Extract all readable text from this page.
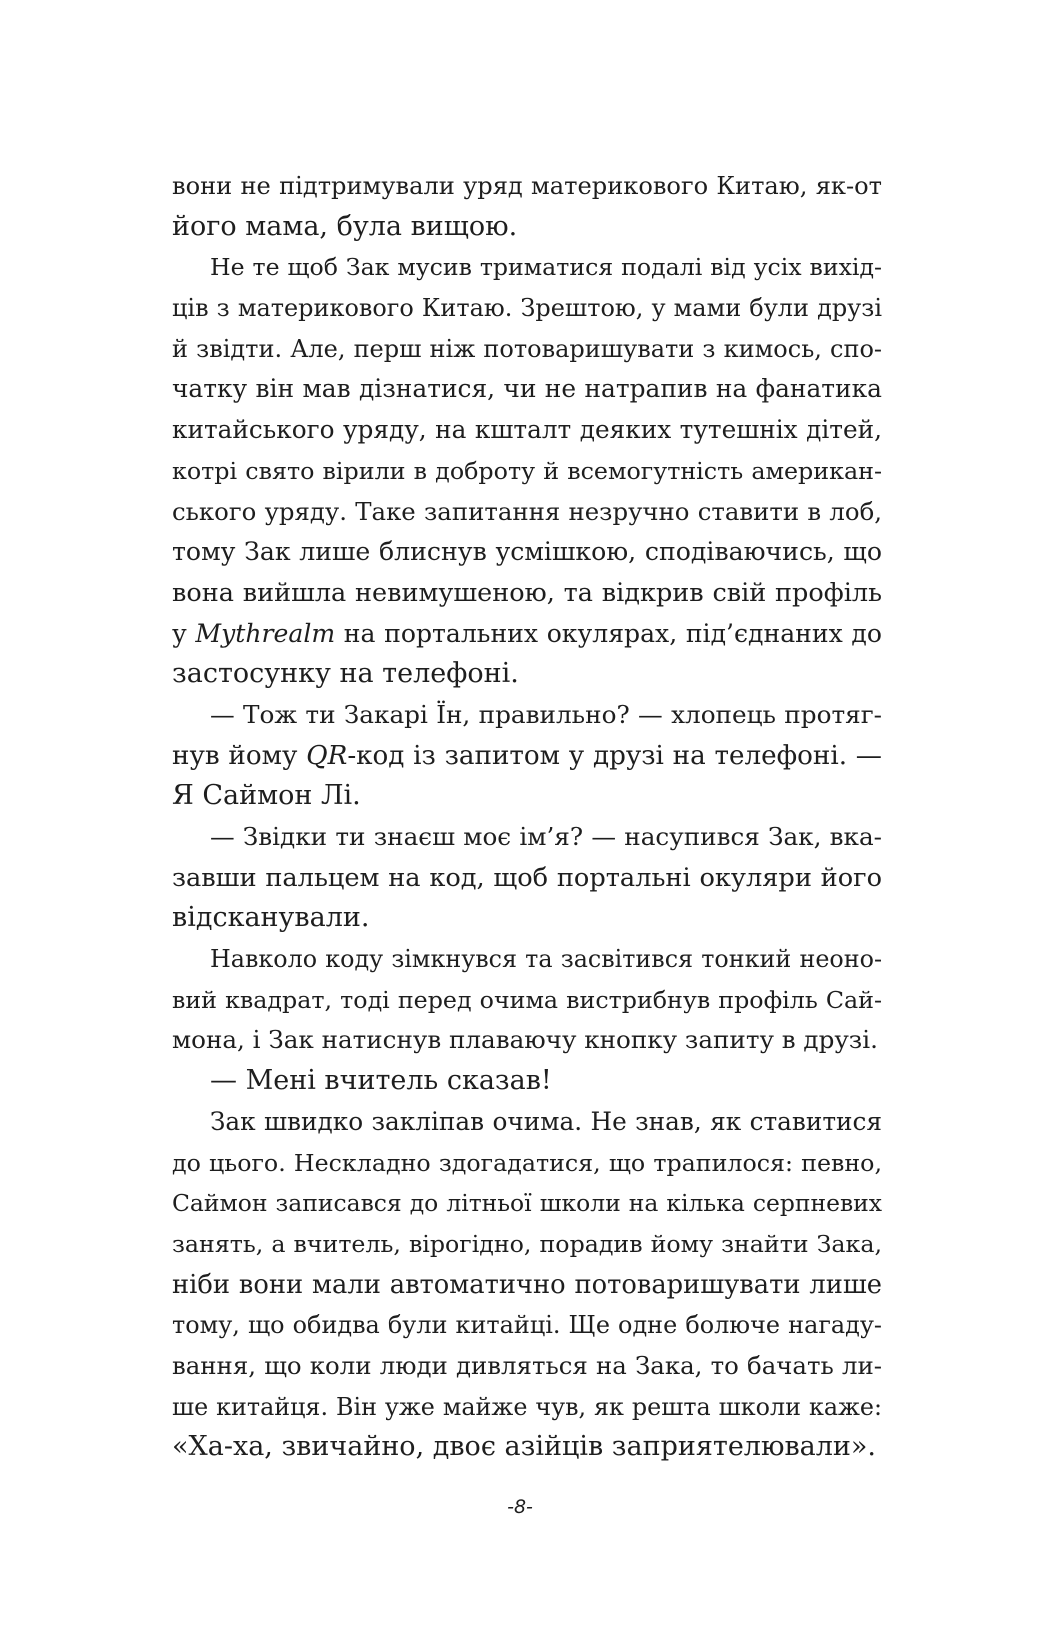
вони не підтримували уряд материкового Китаю, як-от
його мама, була вищою.
Не те щоб Зак мусив триматися подалі від усіх вихід-
ців з материкового Китаю. Зрештою, у мами були друзі
й звідти. Але, перш ніж потоваришувати з кимось, спо-
чатку він мав дізнатися, чи не натрапив на фанатика
китайського уряду, на кшталт деяких тутешніх дітей,
котрі свято вірили в доброту й всемогутність американ-
ського уряду. Таке запитання незручно ставити в лоб,
тому Зак лише блиснув усмішкою, сподіваючись, що
вона вийшла невимушеною, та відкрив свій профіль
у Mythrealm на портальних окулярах, під’єднаних до
застосунку на телефоні.
— Тож ти Закарі Їн, правильно? — хлопець протяг-
нув йому QR-код із запитом у друзі на телефоні. —
Я Саймон Лі.
— Звідки ти знаєш моє ім’я? — насупився Зак, вка-
завши пальцем на код, щоб портальні окуляри його
відсканували.
Навколо коду зімкнувся та засвітився тонкий неоно-
вий квадрат, тоді перед очима вистрибнув профіль Сай-
мона, і Зак натиснув плаваючу кнопку запиту в друзі.
— Мені вчитель сказав!
Зак швидко закліпав очима. Не знав, як ставитися
до цього. Нескладно здогадатися, що трапилося: певно,
Саймон записався до літньої школи на кілька серпневих
занять, а вчитель, вірогідно, порадив йому знайти Зака,
ніби вони мали автоматично потоваришувати лише
тому, що обидва були китайці. Ще одне болюче нагаду-
вання, що коли люди дивляться на Зака, то бачать ли-
ше китайця. Він уже майже чув, як решта школи каже:
«Ха-ха, звичайно, двоє азійців заприятелювали».
-8-
